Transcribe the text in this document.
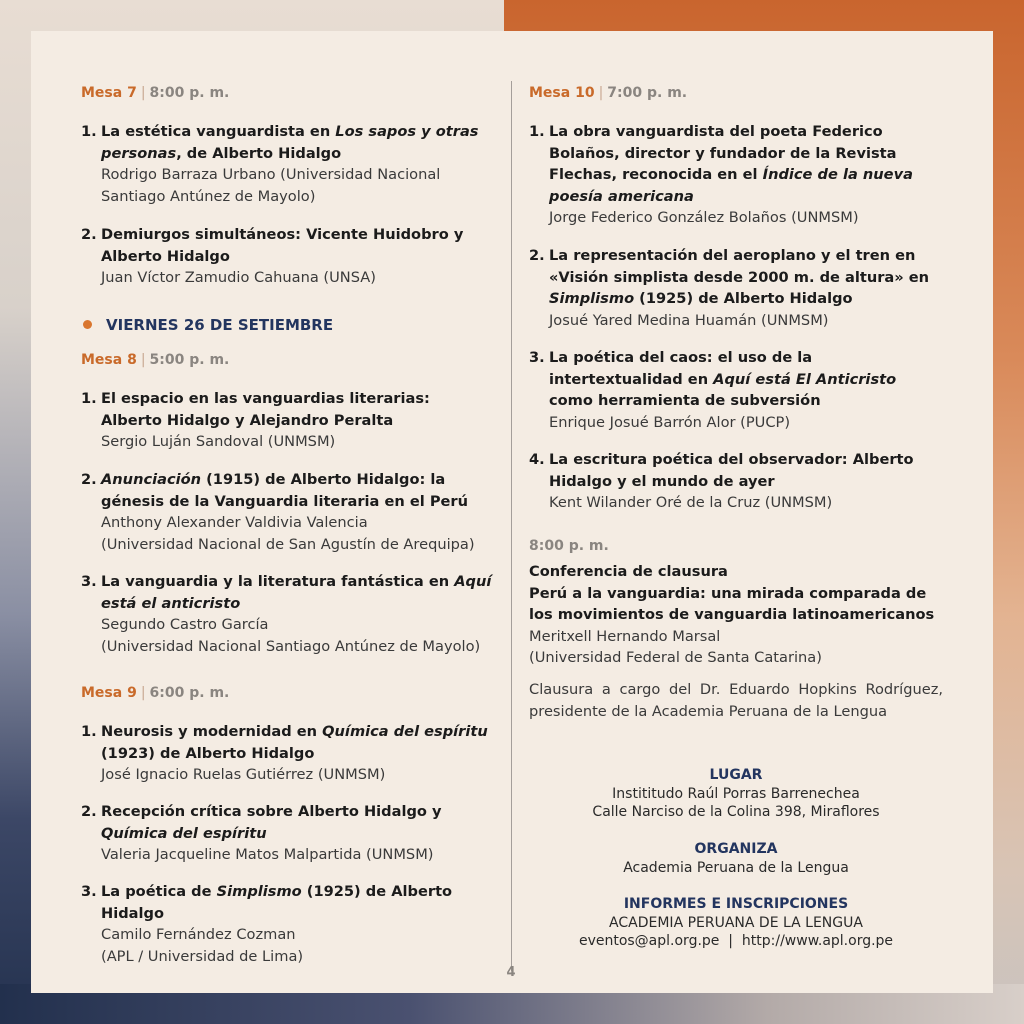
Mesa 7 | 8:00 p. m.
1. La estética vanguardista en Los sapos y otras personas, de Alberto Hidalgo
Rodrigo Barraza Urbano (Universidad Nacional Santiago Antúnez de Mayolo)
2. Demiurgos simultáneos: Vicente Huidobro y Alberto Hidalgo
Juan Víctor Zamudio Cahuana (UNSA)
VIERNES 26 DE SETIEMBRE
Mesa 8 | 5:00 p. m.
1. El espacio en las vanguardias literarias: Alberto Hidalgo y Alejandro Peralta
Sergio Luján Sandoval (UNMSM)
2. Anunciación (1915) de Alberto Hidalgo: la génesis de la Vanguardia literaria en el Perú
Anthony Alexander Valdivia Valencia
(Universidad Nacional de San Agustín de Arequipa)
3. La vanguardia y la literatura fantástica en Aquí está el anticristo
Segundo Castro García
(Universidad Nacional Santiago Antúnez de Mayolo)
Mesa 9 | 6:00 p. m.
1. Neurosis y modernidad en Química del espíritu (1923) de Alberto Hidalgo
José Ignacio Ruelas Gutiérrez (UNMSM)
2. Recepción crítica sobre Alberto Hidalgo y Química del espíritu
Valeria Jacqueline Matos Malpartida (UNMSM)
3. La poética de Simplismo (1925) de Alberto Hidalgo
Camilo Fernández Cozman
(APL / Universidad de Lima)
Mesa 10 | 7:00 p. m.
1. La obra vanguardista del poeta Federico Bolaños, director y fundador de la Revista Flechas, reconocida en el Índice de la nueva poesía americana
Jorge Federico González Bolaños (UNMSM)
2. La representación del aeroplano y el tren en «Visión simplista desde 2000 m. de altura» en Simplismo (1925) de Alberto Hidalgo
Josué Yared Medina Huamán (UNMSM)
3. La poética del caos: el uso de la intertextualidad en Aquí está El Anticristo como herramienta de subversión
Enrique Josué Barrón Alor (PUCP)
4. La escritura poética del observador: Alberto Hidalgo y el mundo de ayer
Kent Wilander Oré de la Cruz (UNMSM)
8:00 p. m.
Conferencia de clausura
Perú a la vanguardia: una mirada comparada de los movimientos de vanguardia latinoamericanos
Meritxell Hernando Marsal
(Universidad Federal de Santa Catarina)
Clausura a cargo del Dr. Eduardo Hopkins Rodríguez, presidente de la Academia Peruana de la Lengua
LUGAR
Instititudo Raúl Porras Barrenechea
Calle Narciso de la Colina 398, Miraflores
ORGANIZA
Academia Peruana de la Lengua
INFORMES E INSCRIPCIONES
ACADEMIA PERUANA DE LA LENGUA
eventos@apl.org.pe  |  http://www.apl.org.pe
4
